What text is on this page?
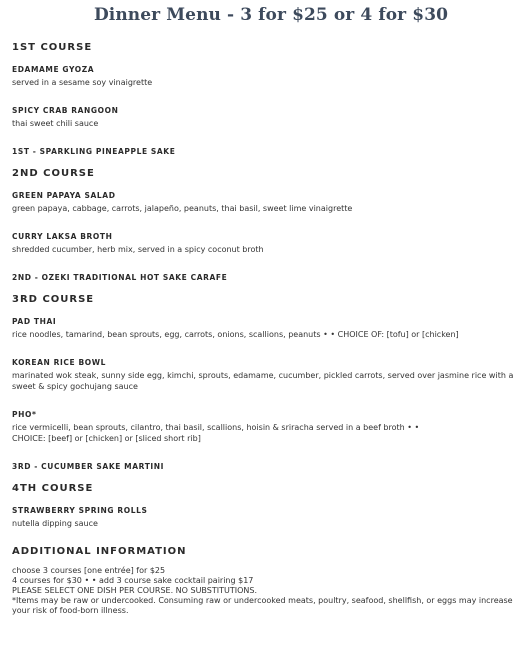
Dinner Menu - 3 for $25 or 4 for $30
1ST COURSE
EDAMAME GYOZA
served in a sesame soy vinaigrette
SPICY CRAB RANGOON
thai sweet chili sauce
1ST - SPARKLING PINEAPPLE SAKE
2ND COURSE
GREEN PAPAYA SALAD
green papaya, cabbage, carrots, jalapeño, peanuts, thai basil, sweet lime vinaigrette
CURRY LAKSA BROTH
shredded cucumber, herb mix, served in a spicy coconut broth
2ND - OZEKI TRADITIONAL HOT SAKE CARAFE
3RD COURSE
PAD THAI
rice noodles, tamarind, bean sprouts, egg, carrots, onions, scallions, peanuts • • CHOICE OF: [tofu] or [chicken]
KOREAN RICE BOWL
marinated wok steak, sunny side egg, kimchi, sprouts, edamame, cucumber, pickled carrots, served over jasmine rice with a sweet & spicy gochujang sauce
PHO*
rice vermicelli, bean sprouts, cilantro, thai basil, scallions, hoisin & sriracha served in a beef broth • •
CHOICE: [beef] or [chicken] or [sliced short rib]
3RD - CUCUMBER SAKE MARTINI
4TH COURSE
STRAWBERRY SPRING ROLLS
nutella dipping sauce
ADDITIONAL INFORMATION
choose 3 courses [one entrée] for $25
4 courses for $30 • • add 3 course sake cocktail pairing $17
PLEASE SELECT ONE DISH PER COURSE. NO SUBSTITUTIONS.
*Items may be raw or undercooked. Consuming raw or undercooked meats, poultry, seafood, shellfish, or eggs may increase your risk of food-born illness.
